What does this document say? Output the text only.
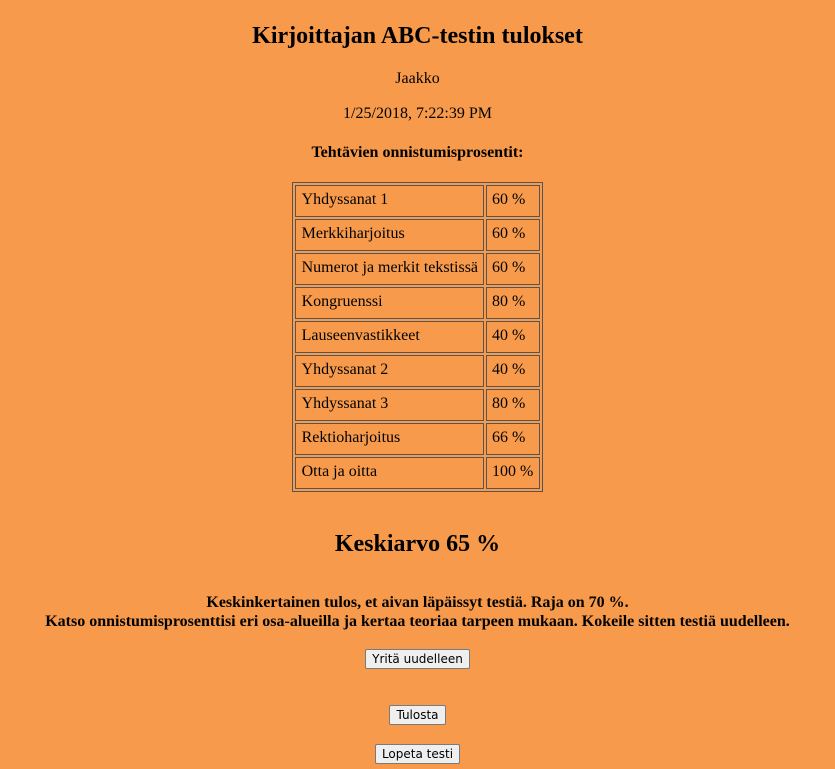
Kirjoittajan ABC-testin tulokset
Jaakko
1/25/2018, 7:22:39 PM
Tehtävien onnistumisprosentit:
Yhdyssanat 1	60 %
Merkkiharjoitus	60 %
Numerot ja merkit tekstissä	60 %
Kongruenssi	80 %
Lauseenvastikkeet	40 %
Yhdyssanat 2	40 %
Yhdyssanat 3	80 %
Rektioharjoitus	66 %
Otta ja oitta	100 %
Keskiarvo 65 %
Keskinkertainen tulos, et aivan läpäissyt testiä. Raja on 70 %.
Katso onnistumisprosenttisi eri osa-alueilla ja kertaa teoriaa tarpeen mukaan. Kokeile sitten testiä uudelleen.
Yritä uudelleen
Tulosta
Lopeta testi
